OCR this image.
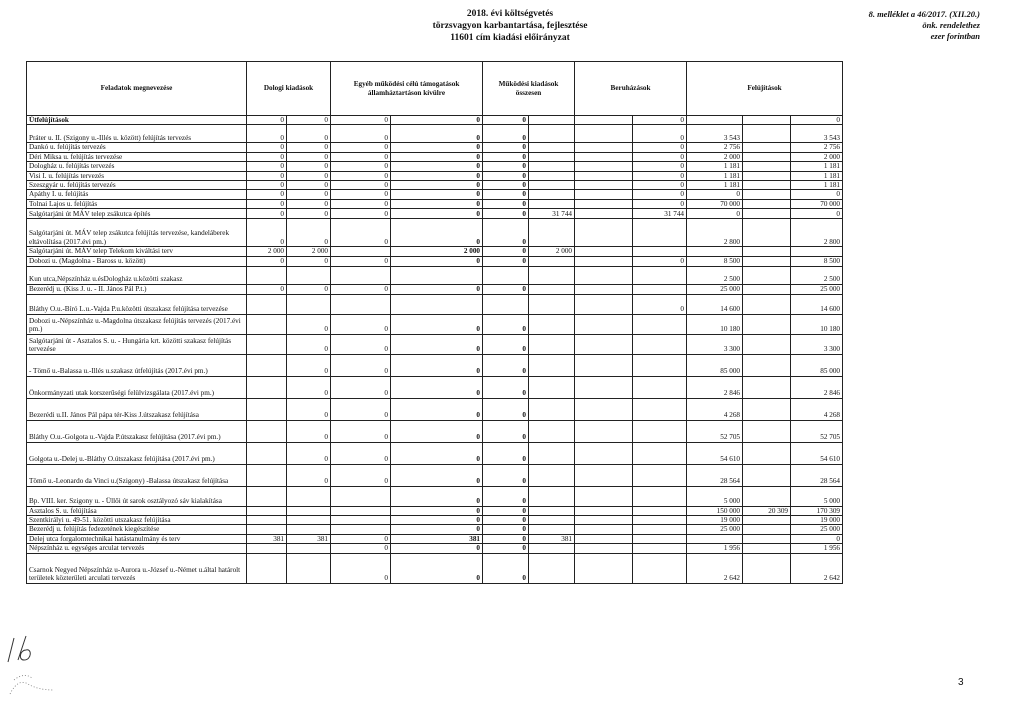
2018. évi költségvetés
törzsvagyon karbantartása, fejlesztése
11601 cím kiadási előirányzat
8. melléklet a 46/2017. (XII.20.)
önk. rendelethez
ezer forintban
Feladatok megnevezése	Dologi kiadások		Egyéb működési célú támogatások államháztartáson kívülre		Működési kiadások összesen		Beruházások		Felújítások		
Útfelújítások	0	0	0	0	0			0			0
Práter u. II. (Szigony u.-Illés u. között) felújítás tervezés	0	0	0	0	0			0	3 543		3 543
Dankó u. felújítás tervezés	0	0	0	0	0			0	2 756		2 756
Déri Miksa u. felújítás tervezése	0	0	0	0	0			0	2 000		2 000
Dologház u. felújítás tervezés	0	0	0	0	0			0	1 181		1 181
Visi I. u. felújítás tervezés	0	0	0	0	0			0	1 181		1 181
Szeszgyár u. felújítás tervezés	0	0	0	0	0			0	1 181		1 181
Apáthy I. u. felújítás	0	0	0	0	0			0	0		0
Tolnai Lajos u. felújítás	0	0	0	0	0			0	70 000		70 000
Salgótarjáni út MÁV telep zsákutca építés	0	0	0	0	0	31 744		31 744	0		0
Salgótarjáni út. MÁV telep zsákutca felújítás tervezése, kandeláberek eltávolítása (2017.évi pm.)	0	0	0	0	0				2 800		2 800
Salgótarjáni út. MÁV telep Telekom kiváltási terv	2 000	2 000		2 000	0	2 000					
Dobozi u. (Magdolna - Baross u. között)	0	0	0	0	0			0	8 500		8 500
Kun utca,Népszínház u.ésDologház u.közötti szakasz									2 500		2 500
Bezerédj u. (Kiss J. u. - II. János Pál P.t.)	0	0	0	0	0				25 000		25 000
Bláthy O.u.-Bíró L.u.-Vajda P.u.közötti útszakasz felújítása tervezése								0	14 600		14 600
Dobozi u.-Népszínház u.-Magdolna útszakasz felújítás tervezés (2017.évi pm.)		0	0	0	0				10 180		10 180
Salgótarjáni út - Asztalos S. u. - Hungária krt. közötti szakasz felújítás tervezése		0	0	0	0				3 300		3 300
- Tömő u.-Balassa u.-Illés u.szakasz útfelújítás (2017.évi pm.)		0	0	0	0				85 000		85 000
Önkormányzati utak korszerűségi felülvizsgálata (2017.évi pm.)		0	0	0	0				2 846		2 846
Bezerédi u.II. János Pál pápa tér-Kiss J.útszakasz felújítása		0	0	0	0				4 268		4 268
Bláthy O.u.-Golgota u.-Vajda P.útszakasz felújítása (2017.évi pm.)		0	0	0	0				52 705		52 705
Golgota u.-Delej u.-Bláthy O.útszakasz felújítása (2017.évi pm.)		0	0	0	0				54 610		54 610
Tömő u.-Leonardo da Vinci u.(Szigony) -Balassa útszakasz felújítása		0	0	0	0				28 564		28 564
Bp. VIII. ker. Szigony u. - Üllői út sarok osztályozó sáv kialakítása				0	0				5 000		5 000
Asztalos S. u. felújítása				0	0				150 000	20 309	170 309
Szentkirályi u. 49-51. közötti utszakasz felújítása				0	0				19 000		19 000
Bezerédj u. felújítás fedezetének kiegészítése				0	0				25 000		25 000
Delej utca forgalomtechnikai hatástanulmány és terv	381	381	0	381	0	381					0
Népszínház u. egységes arculat tervezés			0	0	0				1 956		1 956
Csarnok Negyed Népszínház u-Aurora u.-József u.-Német u.által határolt területek közterületi arculati tervezés			0	0	0				2 642		2 642
3
